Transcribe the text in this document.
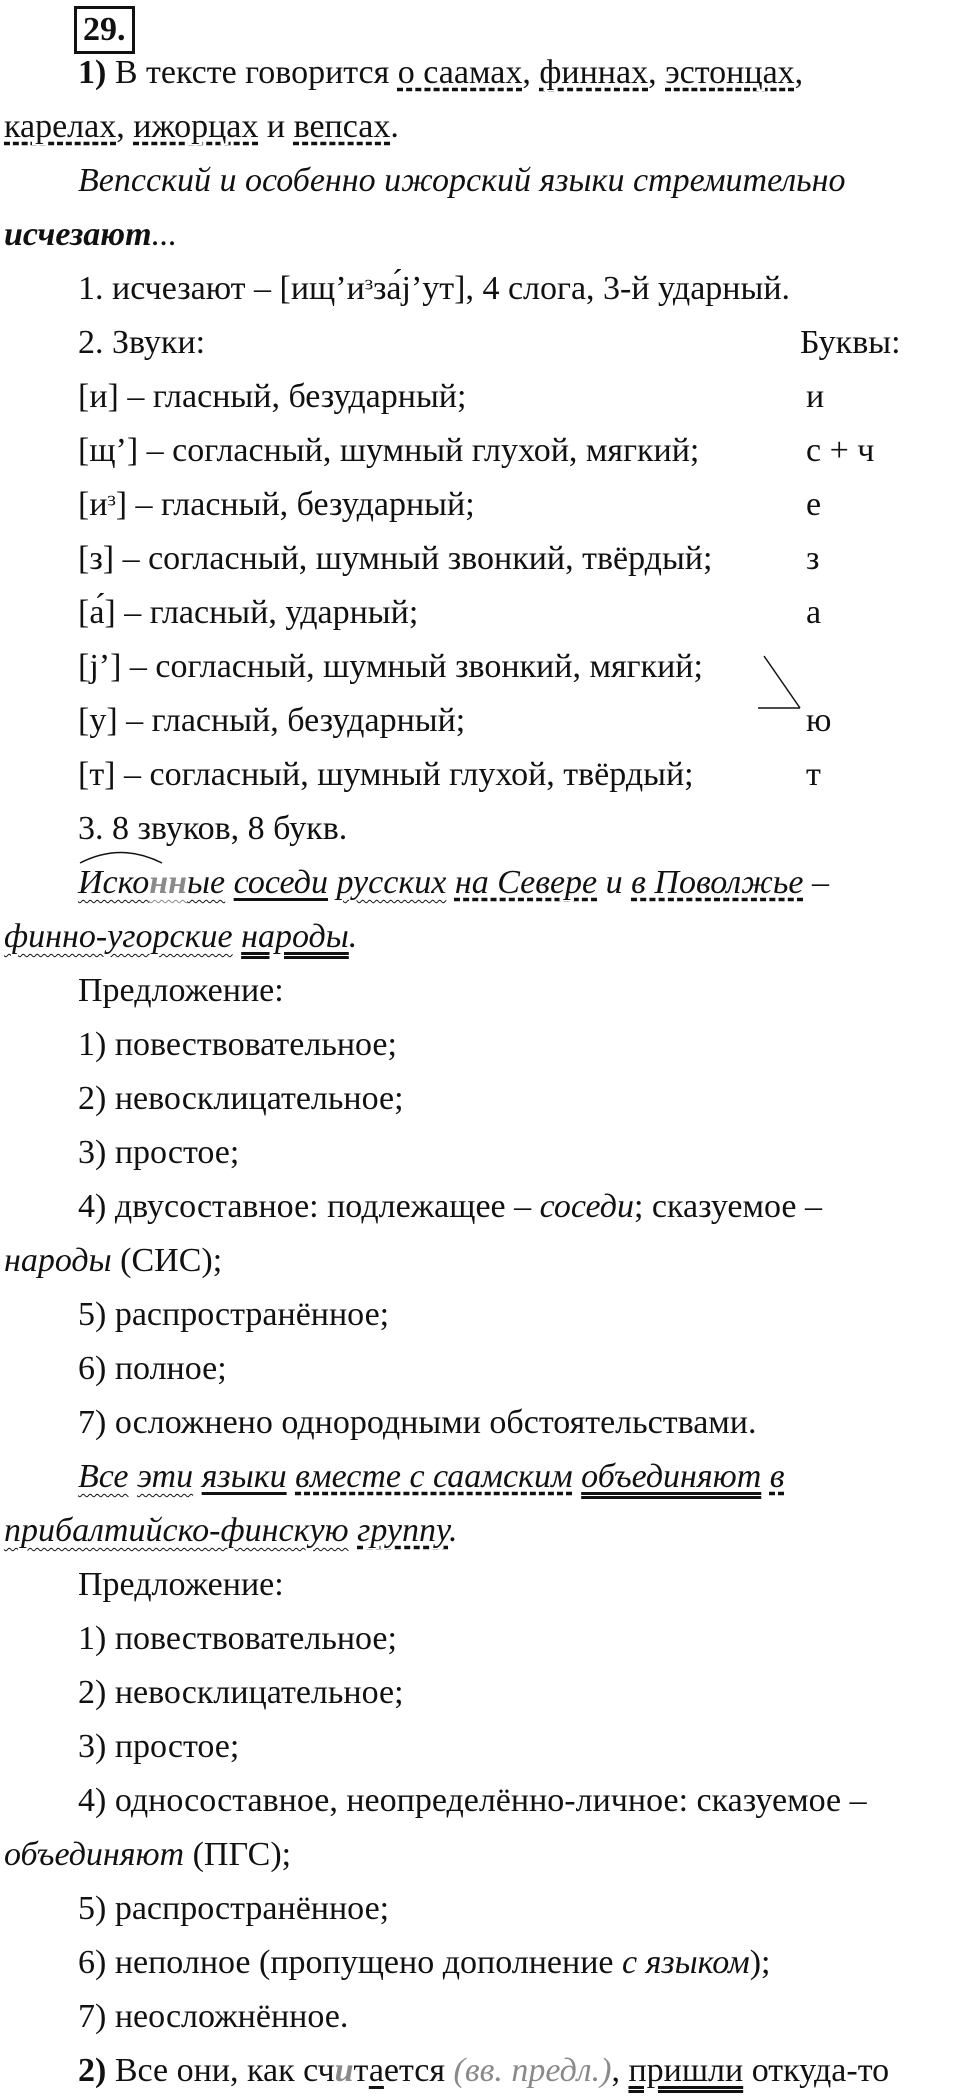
29.
1) В тексте говорится о саамах, финнах, эстонцах,
карелах, ижорцах и вепсах.
Вепсский и особенно ижорский языки стремительно
исчезают...
1. исчезают – [ищ’иᵌза́j’ут], 4 слога, 3-й ударный.
2. Звуки:	Буквы:
[и] – гласный, безударный;	и
[щ’] – согласный, шумный глухой, мягкий;	с + ч
[иᵌ] – гласный, безударный;	е
[з] – согласный, шумный звонкий, твёрдый;	з
[а́] – гласный, ударный;	а
[j’] – согласный, шумный звонкий, мягкий;
[у] – гласный, безударный;	ю
[т] – согласный, шумный глухой, твёрдый;	т
3. 8 звуков, 8 букв.
Исконные соседи русских на Севере и в Поволжье –
финно-угорские народы.
Предложение:
1) повествовательное;
2) невосклицательное;
3) простое;
4) двусоставное: подлежащее – соседи; сказуемое –
народы (СИС);
5) распространённое;
6) полное;
7) осложнено однородными обстоятельствами.
Все эти языки вместе с саамским объединяют в
прибалтийско-финскую группу.
Предложение:
1) повествовательное;
2) невосклицательное;
3) простое;
4) односоставное, неопределённо-личное: сказуемое –
объединяют (ПГС);
5) распространённое;
6) неполное (пропущено дополнение с языком);
7) неосложнённое.
2) Все они, как считается (вв. предл.), пришли откуда-то
